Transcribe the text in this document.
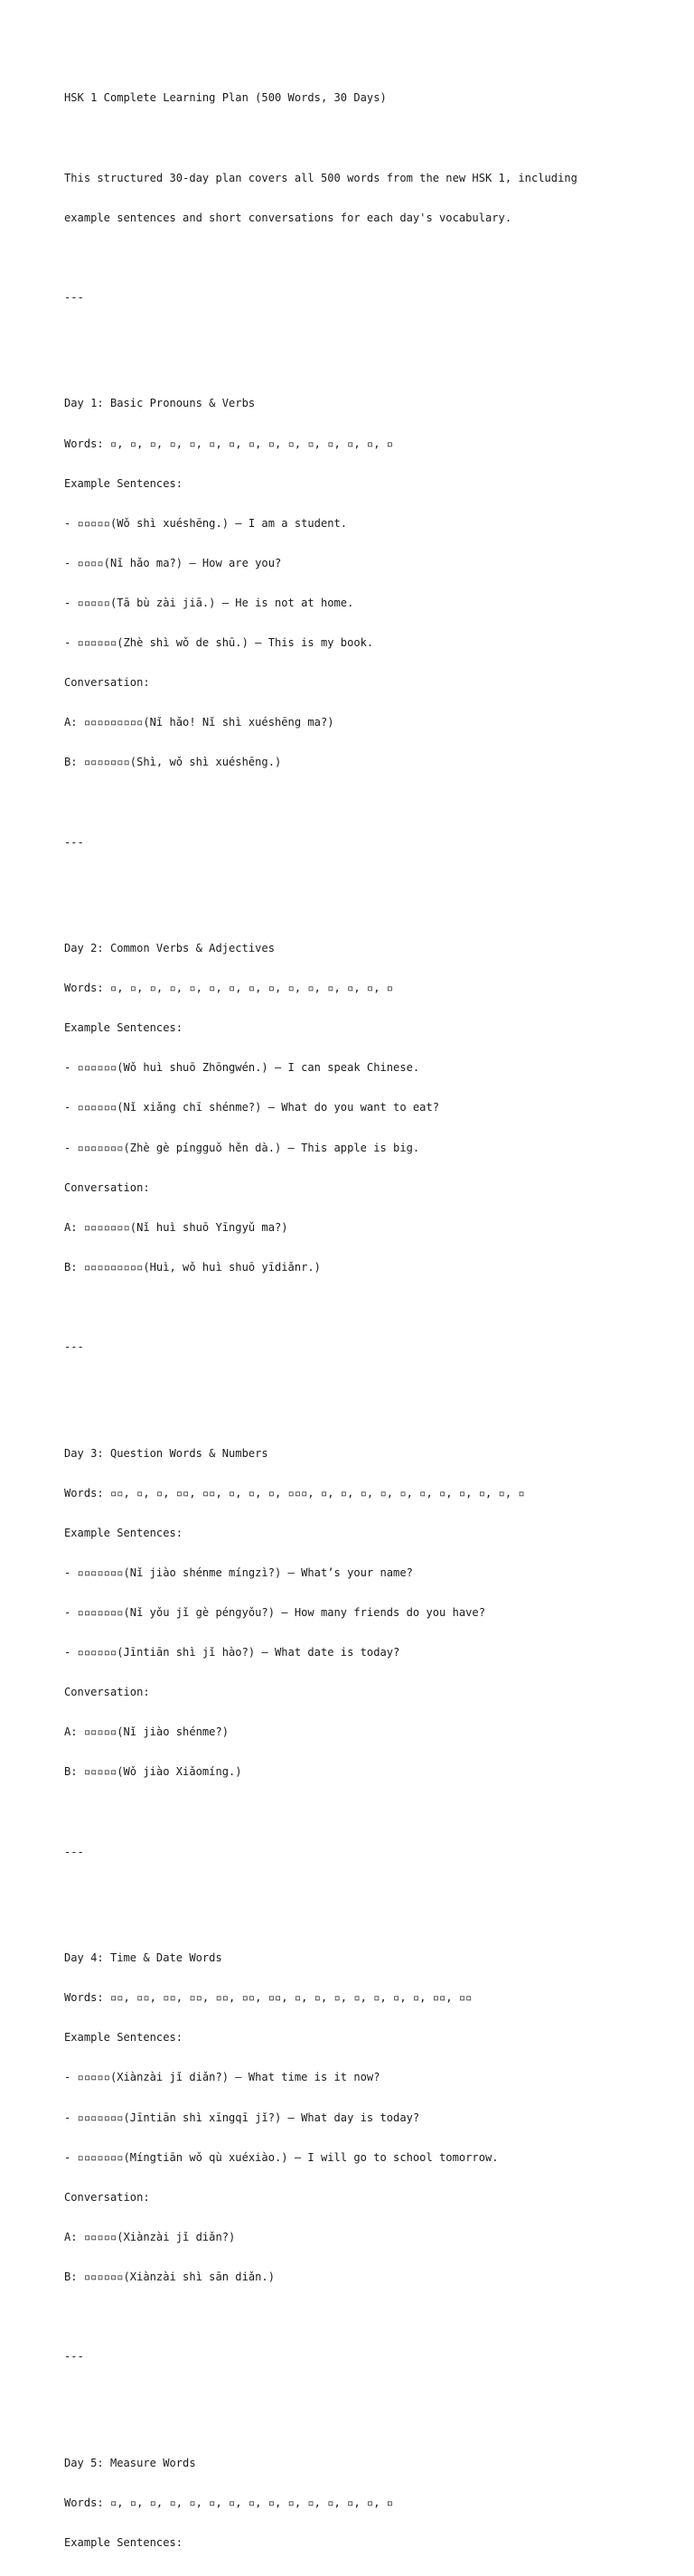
HSK 1 Complete Learning Plan (500 Words, 30 Days)

This structured 30-day plan covers all 500 words from the new HSK 1, including

example sentences and short conversations for each day's vocabulary.

---

Day 1: Basic Pronouns & Verbs

Words: ▫, ▫, ▫, ▫, ▫, ▫, ▫, ▫, ▫, ▫, ▫, ▫, ▫, ▫, ▫

Example Sentences:

- ▫▫▫▫▫(Wǒ shì xuéshēng.) – I am a student.

- ▫▫▫▫(Nǐ hǎo ma?) – How are you?

- ▫▫▫▫▫(Tā bù zài jiā.) – He is not at home.

- ▫▫▫▫▫▫(Zhè shì wǒ de shū.) – This is my book.

Conversation:

A: ▫▫▫▫▫▫▫▫▫(Nǐ hǎo! Nǐ shì xuéshēng ma?)

B: ▫▫▫▫▫▫▫(Shì, wǒ shì xuéshēng.)

---

Day 2: Common Verbs & Adjectives

Words: ▫, ▫, ▫, ▫, ▫, ▫, ▫, ▫, ▫, ▫, ▫, ▫, ▫, ▫, ▫

Example Sentences:

- ▫▫▫▫▫▫(Wǒ huì shuō Zhōngwén.) – I can speak Chinese.

- ▫▫▫▫▫▫(Nǐ xiǎng chī shénme?) – What do you want to eat?

- ▫▫▫▫▫▫▫(Zhè gè píngguǒ hěn dà.) – This apple is big.

Conversation:

A: ▫▫▫▫▫▫▫(Nǐ huì shuō Yīngyǔ ma?)

B: ▫▫▫▫▫▫▫▫▫(Huì, wǒ huì shuō yīdiǎnr.)

---

Day 3: Question Words & Numbers

Words: ▫▫, ▫, ▫, ▫▫, ▫▫, ▫, ▫, ▫, ▫▫▫, ▫, ▫, ▫, ▫, ▫, ▫, ▫, ▫, ▫, ▫, ▫

Example Sentences:

- ▫▫▫▫▫▫▫(Nǐ jiào shénme míngzì?) – What’s your name?

- ▫▫▫▫▫▫▫(Nǐ yǒu jǐ gè péngyǒu?) – How many friends do you have?

- ▫▫▫▫▫▫(Jīntiān shì jǐ hào?) – What date is today?

Conversation:

A: ▫▫▫▫▫(Nǐ jiào shénme?)

B: ▫▫▫▫▫(Wǒ jiào Xiǎomíng.)

---

Day 4: Time & Date Words

Words: ▫▫, ▫▫, ▫▫, ▫▫, ▫▫, ▫▫, ▫▫, ▫, ▫, ▫, ▫, ▫, ▫, ▫, ▫▫, ▫▫

Example Sentences:

- ▫▫▫▫▫(Xiànzài jǐ diǎn?) – What time is it now?

- ▫▫▫▫▫▫▫(Jīntiān shì xīngqī jǐ?) – What day is today?

- ▫▫▫▫▫▫▫(Míngtiān wǒ qù xuéxiào.) – I will go to school tomorrow.

Conversation:

A: ▫▫▫▫▫(Xiànzài jǐ diǎn?)

B: ▫▫▫▫▫▫(Xiànzài shì sān diǎn.)

---

Day 5: Measure Words

Words: ▫, ▫, ▫, ▫, ▫, ▫, ▫, ▫, ▫, ▫, ▫, ▫, ▫, ▫, ▫

Example Sentences:
